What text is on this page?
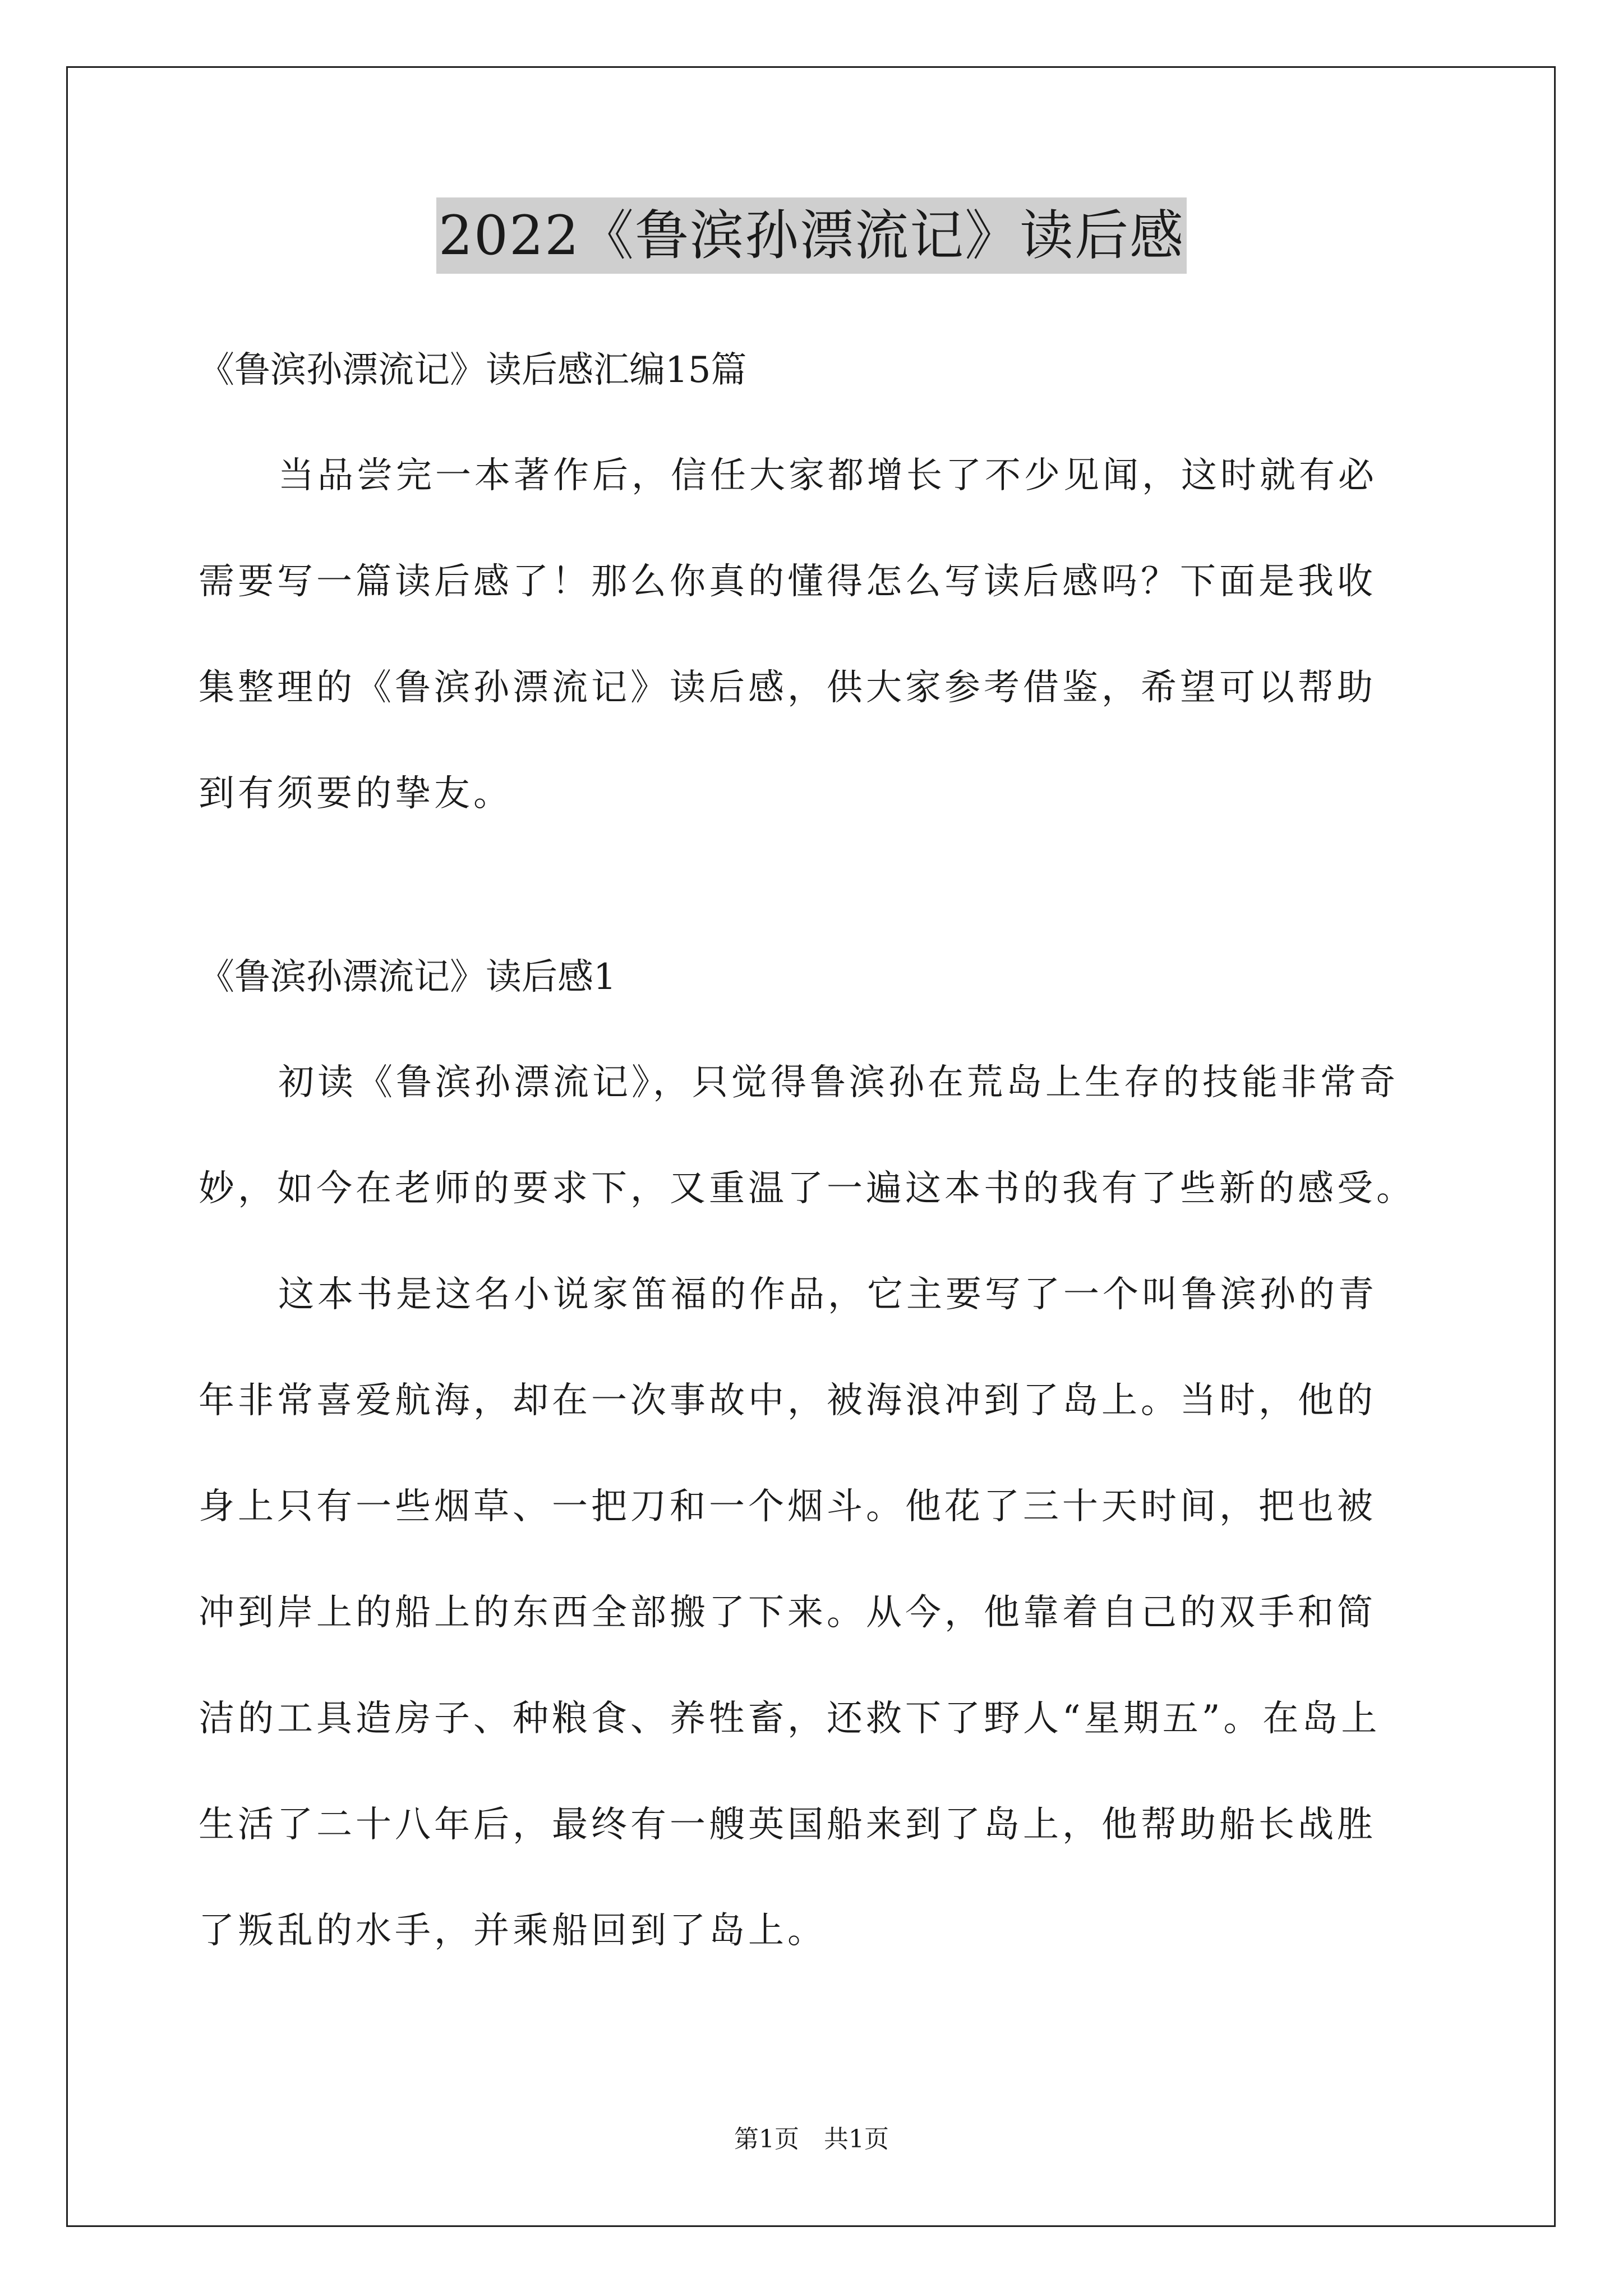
2022《鲁滨孙漂流记》读后感
《鲁滨孙漂流记》读后感汇编15篇
当品尝完一本著作后，信任大家都增长了不少见闻，这时就有必
需要写一篇读后感了！那么你真的懂得怎么写读后感吗？下面是我收
集整理的《鲁滨孙漂流记》读后感，供大家参考借鉴，希望可以帮助
到有须要的挚友。
《鲁滨孙漂流记》读后感1
初读《鲁滨孙漂流记》，只觉得鲁滨孙在荒岛上生存的技能非常奇
妙，如今在老师的要求下，又重温了一遍这本书的我有了些新的感受。
这本书是这名小说家笛福的作品，它主要写了一个叫鲁滨孙的青
年非常喜爱航海，却在一次事故中，被海浪冲到了岛上。当时，他的
身上只有一些烟草、一把刀和一个烟斗。他花了三十天时间，把也被
冲到岸上的船上的东西全部搬了下来。从今，他靠着自己的双手和简
洁的工具造房子、种粮食、养牲畜，还救下了野人“星期五”。在岛上
生活了二十八年后，最终有一艘英国船来到了岛上，他帮助船长战胜
了叛乱的水手，并乘船回到了岛上。
第1页　共1页
